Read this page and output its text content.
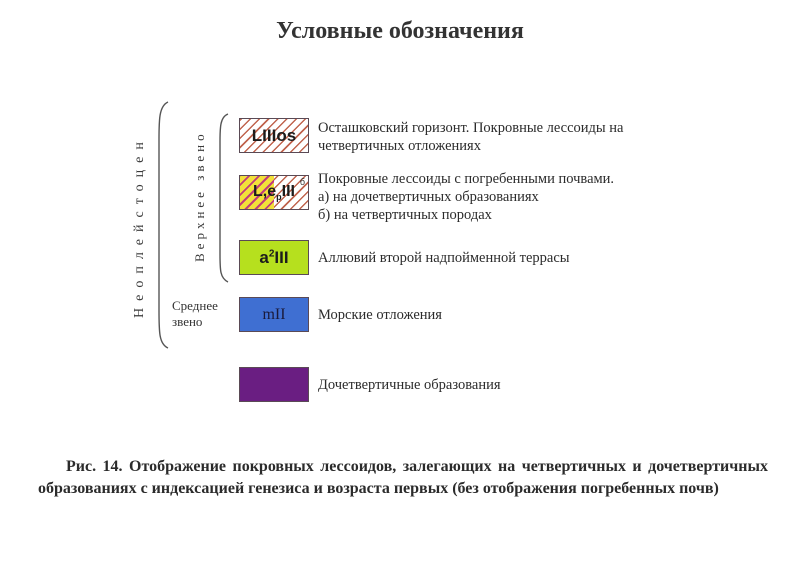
Условные обозначения
Неоплейстоцен	Верхнее звено
Среднее звено
LIIIos Осташковский горизонт. Покровные лессоиды на
четвертичных отложениях
б
$L,e_pIII$
Покровные лессоиды с погребенными почвами.
а) на дочетвертичных образованиях
б) на четвертичных породах
$a^2III$ Аллювий второй надпойменной террасы
mII Морские отложения
Дочетвертичные образования
Рис. 14. Отображение покровных лессоидов, залегающих на четвертичных и дочетвертичных образованиях с индексацией генезиса и возраста первых (без отображения погребенных почв)
